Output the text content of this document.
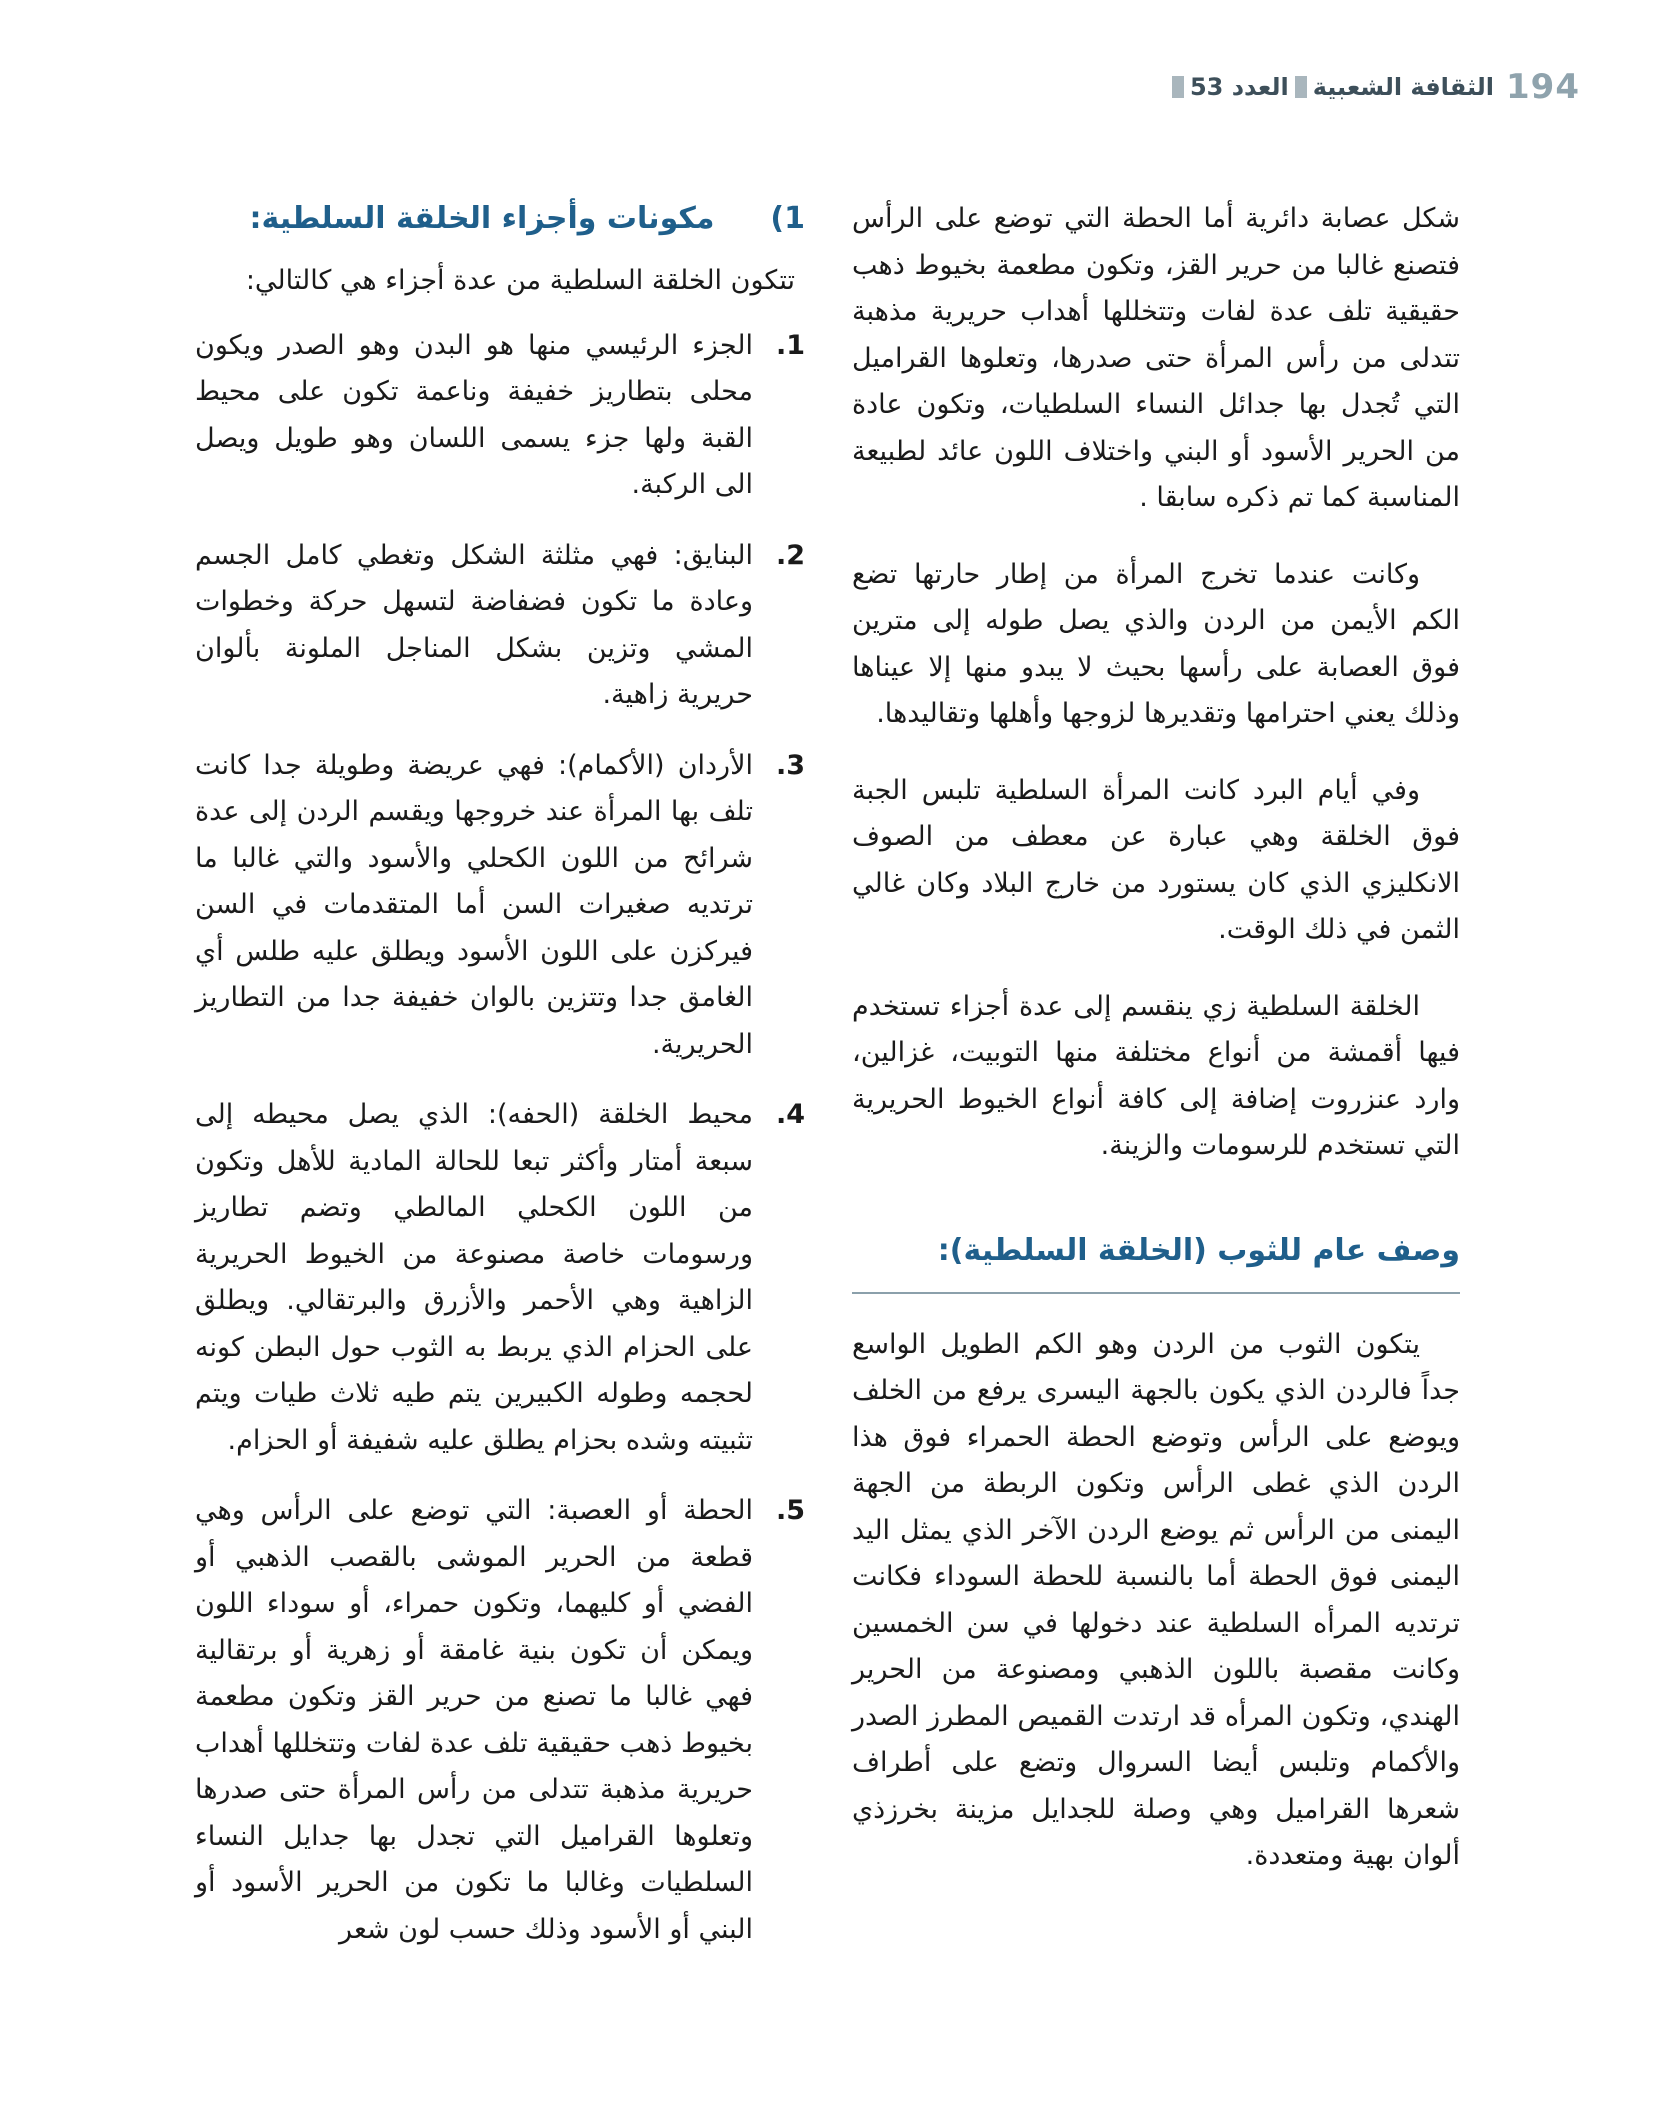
194
الثقافة الشعبية
العدد 53

شكل عصابة دائرية أما الحطة التي توضع على الرأس فتصنع غالبا من حرير القز، وتكون مطعمة بخيوط ذهب حقيقية تلف عدة لفات وتتخللها أهداب حريرية مذهبة تتدلى من رأس المرأة حتى صدرها، وتعلوها القراميل التي تُجدل بها جدائل النساء السلطيات، وتكون عادة من الحرير الأسود أو البني واختلاف اللون عائد لطبيعة المناسبة كما تم ذكره سابقا .

وكانت عندما تخرج المرأة من إطار حارتها تضع الكم الأيمن من الردن والذي يصل طوله إلى مترين فوق العصابة على رأسها بحيث لا يبدو منها إلا عيناها وذلك يعني احترامها وتقديرها لزوجها وأهلها وتقاليدها.

وفي أيام البرد كانت المرأة السلطية تلبس الجبة فوق الخلقة وهي عبارة عن معطف من الصوف الانكليزي الذي كان يستورد من خارج البلاد وكان غالي الثمن في ذلك الوقت.

الخلقة السلطية زي ينقسم إلى عدة أجزاء تستخدم فيها أقمشة من أنواع مختلفة منها التوبيت، غزالين، وارد عنزروت إضافة إلى كافة أنواع الخيوط الحريرية التي تستخدم للرسومات والزينة.

وصف عام للثوب (الخلقة السلطية):

يتكون الثوب من الردن وهو الكم الطويل الواسع جداً فالردن الذي يكون بالجهة اليسرى يرفع من الخلف ويوضع على الرأس وتوضع الحطة الحمراء فوق هذا الردن الذي غطى الرأس وتكون الربطة من الجهة اليمنى من الرأس ثم يوضع الردن الآخر الذي يمثل اليد اليمنى فوق الحطة أما بالنسبة للحطة السوداء فكانت ترتديه المرأه السلطية عند دخولها في سن الخمسين وكانت مقصبة باللون الذهبي ومصنوعة من الحرير الهندي، وتكون المرأه قد ارتدت القميص المطرز الصدر والأكمام وتلبس أيضا السروال وتضع على أطراف شعرها القراميل وهي وصلة للجدايل مزينة بخرزذي ألوان بهية ومتعددة.

1)
مكونات وأجزاء الخلقة السلطية:

تتكون الخلقة السلطية من عدة أجزاء هي كالتالي:

1.
الجزء الرئيسي منها هو البدن وهو الصدر ويكون محلى بتطاريز خفيفة وناعمة تكون على محيط القبة ولها جزء يسمى اللسان وهو طويل ويصل الى الركبة.
2.
البنايق: فهي مثلثة الشكل وتغطي كامل الجسم وعادة ما تكون فضفاضة لتسهل حركة وخطوات المشي وتزين بشكل المناجل الملونة بألوان حريرية زاهية.
3.
الأردان (الأكمام): فهي عريضة وطويلة جدا كانت تلف بها المرأة عند خروجها ويقسم الردن إلى عدة شرائح من اللون الكحلي والأسود والتي غالبا ما ترتديه صغيرات السن أما المتقدمات في السن فيركزن على اللون الأسود ويطلق عليه طلس أي الغامق جدا وتتزين بالوان خفيفة جدا من التطاريز الحريرية.
4.
محيط الخلقة (الحفه): الذي يصل محيطه إلى سبعة أمتار وأكثر تبعا للحالة المادية للأهل وتكون من اللون الكحلي المالطي وتضم تطاريز ورسومات خاصة مصنوعة من الخيوط الحريرية الزاهية وهي الأحمر والأزرق والبرتقالي. ويطلق على الحزام الذي يربط به الثوب حول البطن كونه لحجمه وطوله الكبيرين يتم طيه ثلاث طيات ويتم تثبيته وشده بحزام يطلق عليه شفيفة أو الحزام.
5.
الحطة أو العصبة: التي توضع على الرأس وهي قطعة من الحرير الموشى بالقصب الذهبي أو الفضي أو كليهما، وتكون حمراء، أو سوداء اللون ويمكن أن تكون بنية غامقة أو زهرية أو برتقالية فهي غالبا ما تصنع من حرير القز وتكون مطعمة بخيوط ذهب حقيقية تلف عدة لفات وتتخللها أهداب حريرية مذهبة تتدلى من رأس المرأة حتى صدرها وتعلوها القراميل التي تجدل بها جدايل النساء السلطيات وغالبا ما تكون من الحرير الأسود أو البني أو الأسود وذلك حسب لون شعر
